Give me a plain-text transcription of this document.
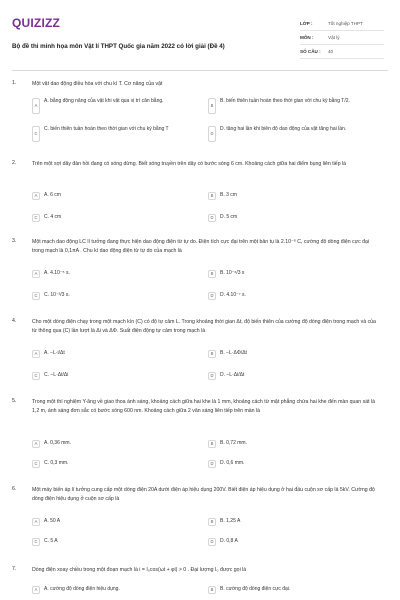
QUIZIZZ
Bộ đề thi minh họa môn Vật lí THPT Quốc gia năm 2022 có lời giải (Đề 4)
LỚP :	Tốt nghiệp THPT
MÔN :	Vật lý
SỐ CÂU :	40
1.	Một vật dao động điều hòa với chu kì T. Cơ năng của vật
A
A. bằng động năng của vật khi vật qua vị trí cân bằng.
B
B. biến thiên tuần hoàn theo thời gian với chu kỳ bằng T/2.
C
C. biến thiên tuần hoàn theo thời gian với chu kỳ bằng T
D
D. tăng hai lần khi biên độ dao động của vật tăng hai lần.
2.	Trên một sợi dây đàn hồi đang có sóng dừng. Biết sóng truyền trên dây có bước sóng 6 cm. Khoảng cách giữa hai điểm bụng liên tiếp là
A	A. 6 cm	B	B. 3 cm
C	C. 4 cm	D	D. 5 cm
3.	Một mạch dao động LC lí tưởng đang thực hiện dao động điện từ tự do. Điện tích cực đại trên một bản tụ là 2.10⁻⁶ C, cường độ dòng điện cực đại trong mạch là 0,1πA . Chu kì dao động điện từ tự do của mạch là
A	A. 4.10⁻⁵ s.	B	B. 10⁻⁶/3 s
C	C. 10⁻³/3 s.	D	D. 4.10⁻⁷ s.
4.	Cho một dòng điện chạy trong một mạch kín (C) có độ tự cảm L. Trong khoảng thời gian Δt, độ biến thiên của cường độ dòng điện trong mạch và của từ thông qua (C) lần lượt là Δi và ΔΦ. Suất điện động tự cảm trong mạch là
A	A. −L·i/Δt	B	B. −L·ΔΦ/Δt
C	C. −L·Δt/Δi	D	D. −L·Δi/Δt
5.	Trong một thí nghiệm Y-âng về giao thoa ánh sáng, khoảng cách giữa hai khe là 1 mm, khoảng cách từ mặt phẳng chứa hai khe đến màn quan sát là 1,2 m, ánh sáng đơn sắc có bước sóng 600 nm. Khoảng cách giữa 2 vân sáng liên tiếp trên màn là
A	A. 0,36 mm.	B	B. 0,72 mm.
C	C. 0,3 mm.	D	D. 0,6 mm.
6.	Một máy biến áp lí tưởng cung cấp một dòng điện 20A dưới điện áp hiệu dụng 200V. Biết điện áp hiệu dụng ở hai đầu cuộn sơ cấp là 5kV. Cường độ dòng điện hiệu dụng ở cuộn sơ cấp là
A	A. 50 A	B	B. 1,25 A
C	C. 5 A	D	D. 0,8 A
7.	Dòng điện xoay chiều trong một đoạn mạch là i = I₀cos(ωt + φi) > 0 . Đại lượng I₀ được gọi là
A	A. cường độ dòng điện hiệu dụng.	B	B. cường độ dòng điện cực đại.
